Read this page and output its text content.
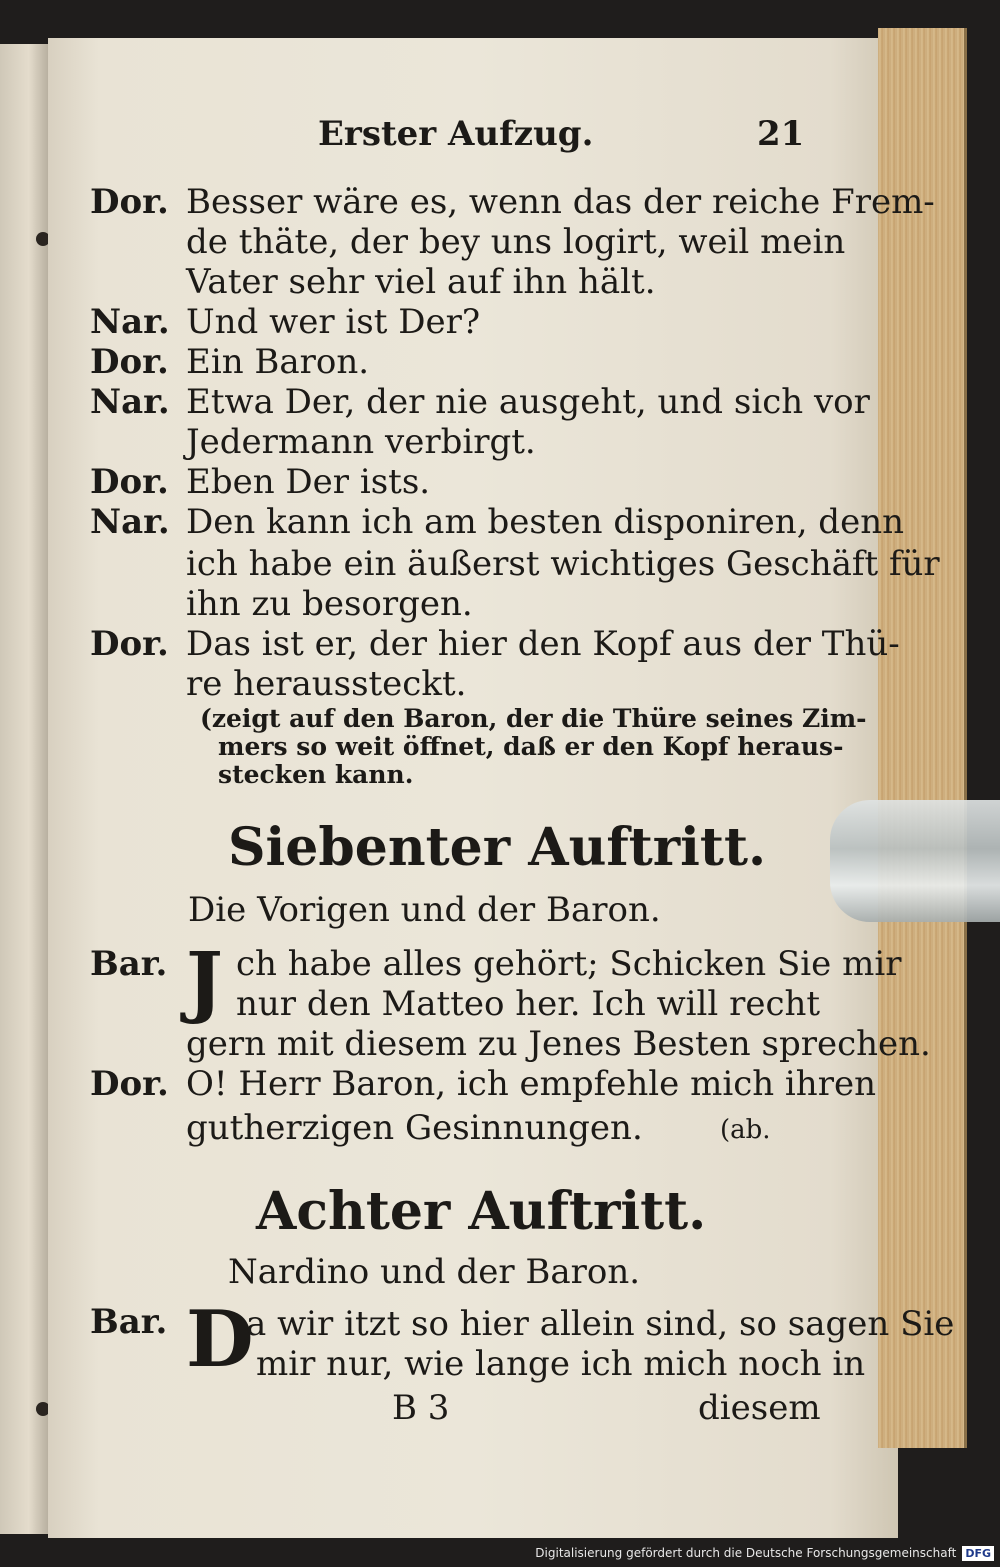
Erster Aufzug.	21
Dor. Besser wäre es, wenn das der reiche Frem-
de thäte, der bey uns logirt, weil mein
Vater sehr viel auf ihn hält.
Nar. Und wer ist Der?
Dor. Ein Baron.
Nar. Etwa Der, der nie ausgeht, und sich vor
Jedermann verbirgt.
Dor. Eben Der ists.
Nar. Den kann ich am besten disponiren, denn
ich habe ein äußerst wichtiges Geschäft für
ihn zu besorgen.
Dor. Das ist er, der hier den Kopf aus der Thü-
re heraussteckt.
(zeigt auf den Baron, der die Thüre seines Zim-
mers so weit öffnet, daß er den Kopf heraus-
stecken kann.
Siebenter Auftritt.
Die Vorigen und der Baron.
Bar. J ch habe alles gehört; Schicken Sie mir
nur den Matteo her. Ich will recht
gern mit diesem zu Jenes Besten sprechen.
Dor. O! Herr Baron, ich empfehle mich ihren
gutherzigen Gesinnungen.	(ab.
Achter Auftritt.
Nardino und der Baron.
Bar. D
a wir itzt so hier allein sind, so sagen Sie
mir nur, wie lange ich mich noch in
B 3	diesem
Digitalisierung gefördert durch die Deutsche Forschungsgemeinschaft DFG
